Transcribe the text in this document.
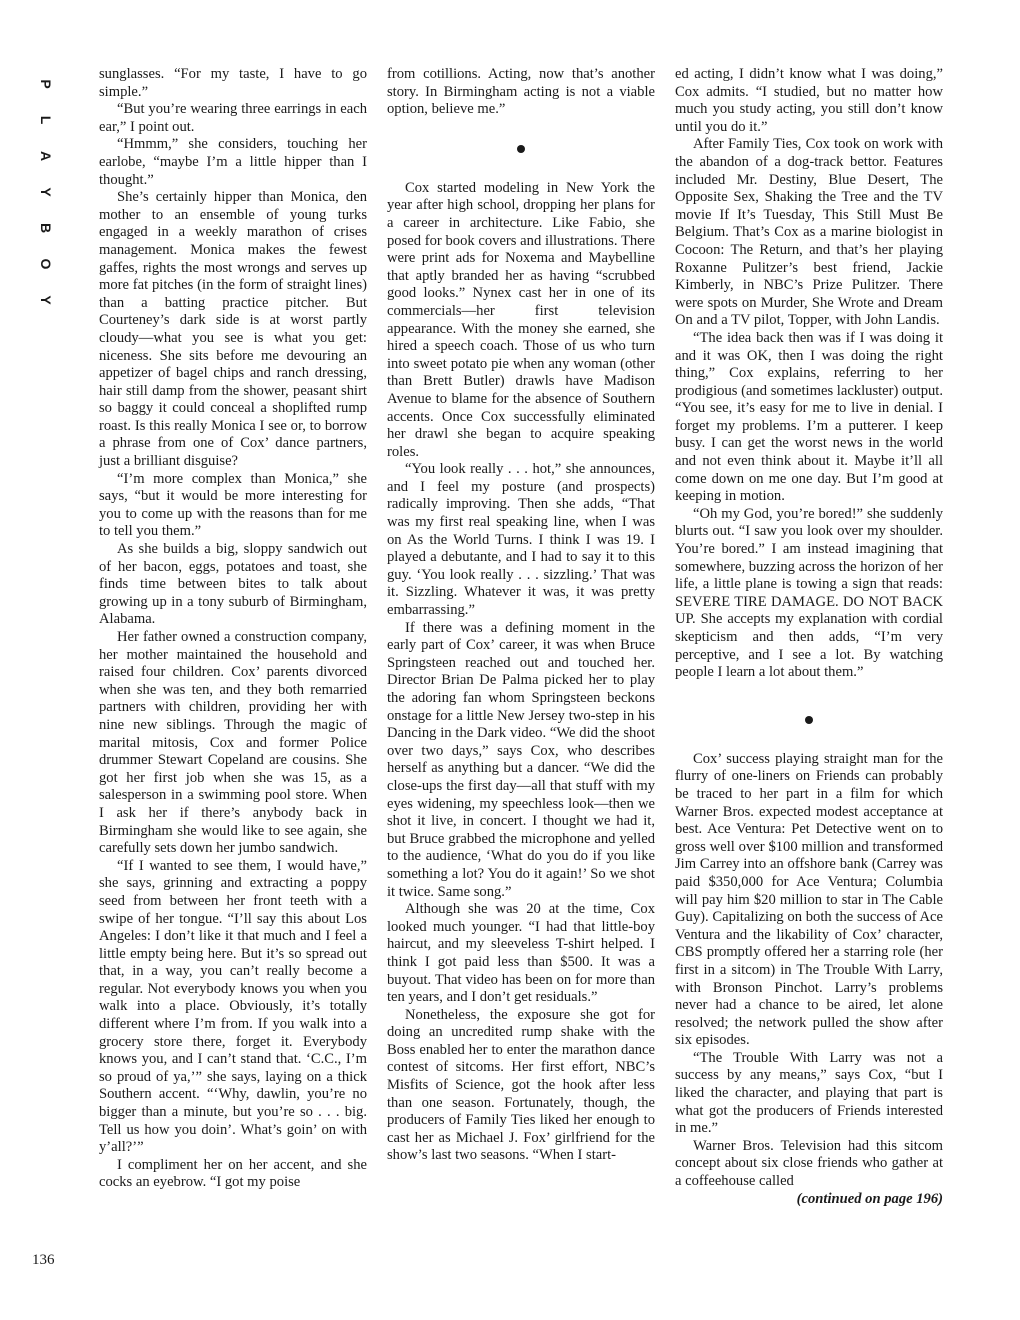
P
L
A
Y
B
O
Y
136

sunglasses. “For my taste, I have to go simple.”

“But you’re wearing three earrings in each ear,” I point out.

“Hmmm,” she considers, touching her earlobe, “maybe I’m a little hipper than I thought.”

She’s certainly hipper than Monica, den mother to an ensemble of young turks engaged in a weekly marathon of crises management. Monica makes the fewest gaffes, rights the most wrongs and serves up more fat pitches (in the form of straight lines) than a batting practice pitcher. But Courteney’s dark side is at worst partly cloudy—what you see is what you get: niceness. She sits before me devouring an appetizer of bagel chips and ranch dressing, hair still damp from the shower, peasant shirt so baggy it could conceal a shoplifted rump roast. Is this really Monica I see or, to borrow a phrase from one of Cox’ dance partners, just a brilliant disguise?

“I’m more complex than Monica,” she says, “but it would be more interesting for you to come up with the reasons than for me to tell you them.”

As she builds a big, sloppy sandwich out of her bacon, eggs, potatoes and toast, she finds time between bites to talk about growing up in a tony suburb of Birmingham, Alabama.

Her father owned a construction company, her mother maintained the household and raised four children. Cox’ parents divorced when she was ten, and they both remarried partners with children, providing her with nine new siblings. Through the magic of marital mitosis, Cox and former Police drummer Stewart Copeland are cousins. She got her first job when she was 15, as a salesperson in a swimming pool store. When I ask her if there’s anybody back in Birmingham she would like to see again, she carefully sets down her jumbo sandwich.

“If I wanted to see them, I would have,” she says, grinning and extracting a poppy seed from between her front teeth with a swipe of her tongue. “I’ll say this about Los Angeles: I don’t like it that much and I feel a little empty being here. But it’s so spread out that, in a way, you can’t really become a regular. Not everybody knows you when you walk into a place. Obviously, it’s totally different where I’m from. If you walk into a grocery store there, forget it. Everybody knows you, and I can’t stand that. ‘C.C., I’m so proud of ya,’” she says, laying on a thick Southern accent. “‘Why, dawlin, you’re no bigger than a minute, but you’re so . . . big. Tell us how you doin’. What’s goin’ on with y’all?’”

I compliment her on her accent, and she cocks an eyebrow. “I got my poise

from cotillions. Acting, now that’s another story. In Birmingham acting is not a viable option, believe me.”

Cox started modeling in New York the year after high school, dropping her plans for a career in architecture. Like Fabio, she posed for book covers and illustrations. There were print ads for Noxema and Maybelline that aptly branded her as having “scrubbed good looks.” Nynex cast her in one of its commercials—her first television appearance. With the money she earned, she hired a speech coach. Those of us who turn into sweet potato pie when any woman (other than Brett Butler) drawls have Madison Avenue to blame for the absence of Southern accents. Once Cox successfully eliminated her drawl she began to acquire speaking roles.

“You look really . . . hot,” she announces, and I feel my posture (and prospects) radically improving. Then she adds, “That was my first real speaking line, when I was on As the World Turns. I think I was 19. I played a debutante, and I had to say it to this guy. ‘You look really . . . sizzling.’ That was it. Sizzling. Whatever it was, it was pretty embarrassing.”

If there was a defining moment in the early part of Cox’ career, it was when Bruce Springsteen reached out and touched her. Director Brian De Palma picked her to play the adoring fan whom Springsteen beckons onstage for a little New Jersey two-step in his Dancing in the Dark video. “We did the shoot over two days,” says Cox, who describes herself as anything but a dancer. “We did the close-ups the first day—all that stuff with my eyes widening, my speechless look—then we shot it live, in concert. I thought we had it, but Bruce grabbed the microphone and yelled to the audience, ‘What do you do if you like something a lot? You do it again!’ So we shot it twice. Same song.”

Although she was 20 at the time, Cox looked much younger. “I had that little-boy haircut, and my sleeveless T-shirt helped. I think I got paid less than $500. It was a buyout. That video has been on for more than ten years, and I don’t get residuals.”

Nonetheless, the exposure she got for doing an uncredited rump shake with the Boss enabled her to enter the marathon dance contest of sitcoms. Her first effort, NBC’s Misfits of Science, got the hook after less than one season. Fortunately, though, the producers of Family Ties liked her enough to cast her as Michael J. Fox’ girlfriend for the show’s last two seasons. “When I start-

ed acting, I didn’t know what I was doing,” Cox admits. “I studied, but no matter how much you study acting, you still don’t know until you do it.”

After Family Ties, Cox took on work with the abandon of a dog-track bettor. Features included Mr. Destiny, Blue Desert, The Opposite Sex, Shaking the Tree and the TV movie If It’s Tuesday, This Still Must Be Belgium. That’s Cox as a marine biologist in Cocoon: The Return, and that’s her playing Roxanne Pulitzer’s best friend, Jackie Kimberly, in NBC’s Prize Pulitzer. There were spots on Murder, She Wrote and Dream On and a TV pilot, Topper, with John Landis.

“The idea back then was if I was doing it and it was OK, then I was doing the right thing,” Cox explains, referring to her prodigious (and sometimes lackluster) output. “You see, it’s easy for me to live in denial. I forget my problems. I’m a putterer. I keep busy. I can get the worst news in the world and not even think about it. Maybe it’ll all come down on me one day. But I’m good at keeping in motion.

“Oh my God, you’re bored!” she suddenly blurts out. “I saw you look over my shoulder. You’re bored.” I am instead imagining that somewhere, buzzing across the horizon of her life, a little plane is towing a sign that reads: SEVERE TIRE DAMAGE. DO NOT BACK UP. She accepts my explanation with cordial skepticism and then adds, “I’m very perceptive, and I see a lot. By watching people I learn a lot about them.”

Cox’ success playing straight man for the flurry of one-liners on Friends can probably be traced to her part in a film for which Warner Bros. expected modest acceptance at best. Ace Ventura: Pet Detective went on to gross well over $100 million and transformed Jim Carrey into an offshore bank (Carrey was paid $350,000 for Ace Ventura; Columbia will pay him $20 million to star in The Cable Guy). Capitalizing on both the success of Ace Ventura and the likability of Cox’ character, CBS promptly offered her a starring role (her first in a sitcom) in The Trouble With Larry, with Bronson Pinchot. Larry’s problems never had a chance to be aired, let alone resolved; the network pulled the show after six episodes.

“The Trouble With Larry was not a success by any means,” says Cox, “but I liked the character, and playing that part is what got the producers of Friends interested in me.”

Warner Bros. Television had this sitcom concept about six close friends who gather at a coffeehouse called

(continued on page 196)
